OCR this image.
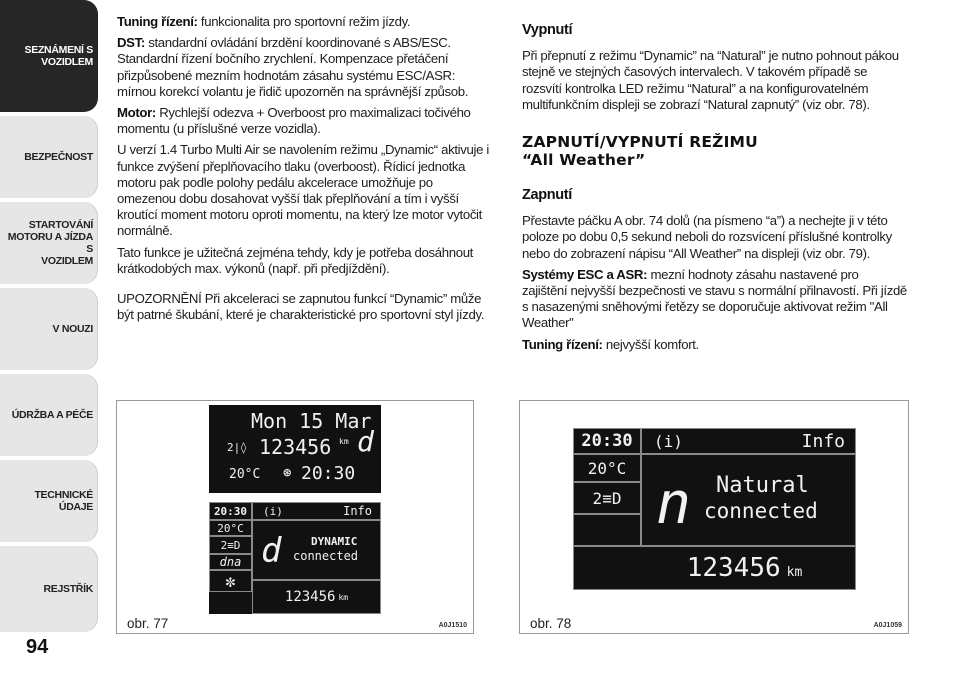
SEZNÁMENÍ S
VOZIDLEM
BEZPEČNOST
STARTOVÁNÍ
MOTORU A JÍZDA S
VOZIDLEM
V NOUZI
ÚDRŽBA A PÉČE
TECHNICKÉ ÚDAJE
REJSTŘÍK
94

Tuning řízení: funkcionalita pro sportovní režim jízdy.

DST: standardní ovládání brzdění koordinované s ABS/ESC. Standardní řízení bočního zrychlení. Kompenzace přetáčení přizpůsobené mezním hodnotám zásahu systému ESC/ASR: mírnou korekcí volantu je řidič upozorněn na správnější způsob.

Motor: Rychlejší odezva + Overboost pro maximalizaci točivého momentu (u příslušné verze vozidla).

U verzí 1.4 Turbo Multi Air se navolením režimu „Dynamic“ aktivuje i funkce zvýšení přeplňovacího tlaku (overboost). Řídicí jednotka motoru pak podle polohy pedálu akcelerace umožňuje po omezenou dobu dosahovat vyšší tlak přeplňování a tím i vyšší kroutící moment motoru oproti momentu, na který lze motor vytočit normálně.

Tato funkce je užitečná zejména tehdy, kdy je potřeba dosáhnout krátkodobých max. výkonů (např. při předjíždění).

UPOZORNĚNÍ Při akceleraci se zapnutou funkcí “Dynamic” může být patrné škubání, které je charakteristické pro sportovní styl jízdy.

Vypnutí

Při přepnutí z režimu “Dynamic” na “Natural” je nutno pohnout pákou stejně ve stejných časových intervalech. V takovém případě se rozsvítí kontrolka LED režimu “Natural” a na konfigurovatelném multifunkčním displeji se zobrazí “Natural zapnutý” (viz obr. 78).

ZAPNUTÍ/VYPNUTÍ REŽIMU
“All Weather”
Zapnutí

Přestavte páčku A obr. 74 dolů (na písmeno “a”) a nechejte ji v této poloze po dobu 0,5 sekund neboli do rozsvícení příslušné kontrolky nebo do zobrazení nápisu “All Weather” na displeji (viz obr. 79).

Systémy ESC a ASR: mezní hodnoty zásahu nastavené pro zajištění nejvyšší bezpečnosti ve stavu s normální přilnavostí. Při jízdě s nasazenými sněhovými řetězy se doporučuje aktivovat režim "All Weather"

Tuning řízení: nejvyšší komfort.

Mon 15 Mar
2|◊ 123456 km d
20°C ⊛ 20:30
20:30	(i)	Info
20°C
2 ≡D
dna
✼
d	DYNAMIC
connected
123456 km
obr. 77	A0J1510
20:30	(i)	Info
20°C
2 ≡D n Natural
connected
123456 km
obr. 78	A0J1059
